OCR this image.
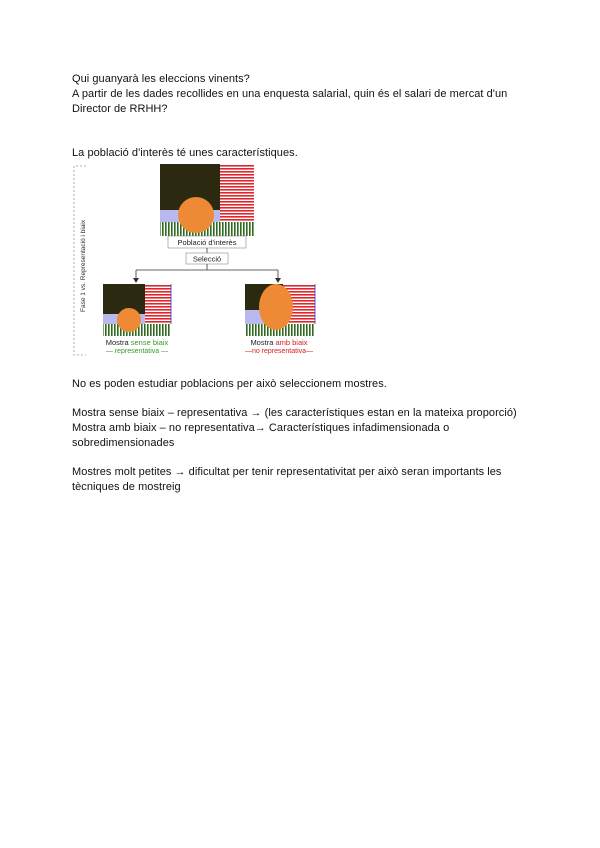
Qui guanyarà les eleccions vinents?
A partir de les dades recollides en una enquesta salarial, quin és el salari de mercat d'un
Director de RRHH?
La població d'interès té unes característiques.
Fase 1 vs. Representació i biaix	Població d'interès
Selecció
Mostra sense biaix
— representativa —
Mostra amb biaix
—no representativa—
No es poden estudiar poblacions per això seleccionem mostres.
Mostra sense biaix – representativa → (les característiques estan en la mateixa proporció)
Mostra amb biaix – no representativa→ Característiques infadimensionada o
sobredimensionades
Mostres molt petites → dificultat per tenir representativitat per això seran importants les
tècniques de mostreig
